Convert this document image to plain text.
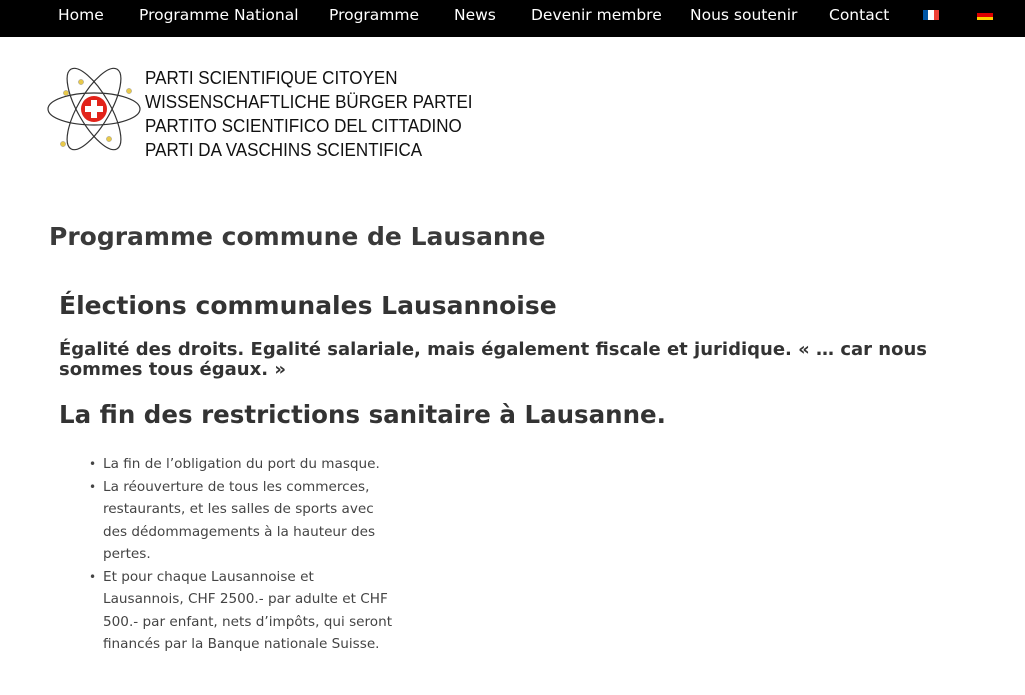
Home Programme National Programme News Devenir membre Nous soutenir Contact
PARTI SCIENTIFIQUE CITOYEN
WISSENSCHAFTLICHE BÜRGER PARTEI
PARTITO SCIENTIFICO DEL CITTADINO
PARTI DA VASCHINS SCIENTIFICA
Programme commune de Lausanne
Élections communales Lausannoise
Égalité des droits. Egalité salariale, mais également fiscale et juridique. « … car nous sommes tous égaux. »
La fin des restrictions sanitaire à Lausanne.
• La fin de l’obligation du port du masque.
• La réouverture de tous les commerces, restaurants, et les salles de sports avec des dédommagements à la hauteur des pertes.
• Et pour chaque Lausannoise et Lausannois, CHF 2500.- par adulte et CHF 500.- par enfant, nets d’impôts, qui seront financés par la Banque nationale Suisse.
